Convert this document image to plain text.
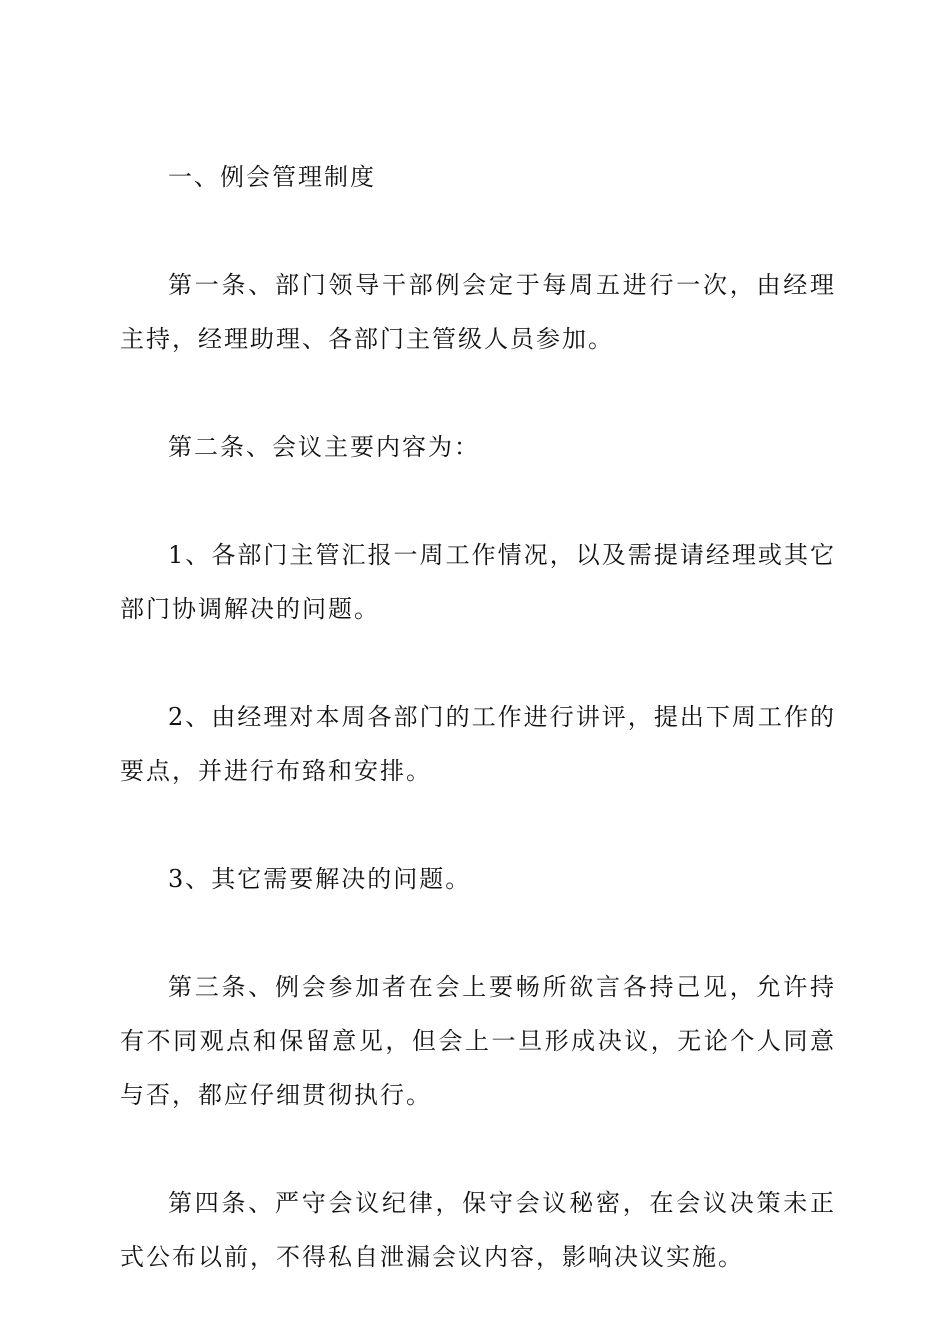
一、例会管理制度

第一条、部门领导干部例会定于每周五进行一次，由经理主持，经理助理、各部门主管级人员参加。

第二条、会议主要内容为：

1、各部门主管汇报一周工作情况，以及需提请经理或其它部门协调解决的问题。

2、由经理对本周各部门的工作进行讲评，提出下周工作的要点，并进行布臵和安排。

3、其它需要解决的问题。

第三条、例会参加者在会上要畅所欲言各持己见，允许持有不同观点和保留意见，但会上一旦形成决议，无论个人同意与否，都应仔细贯彻执行。

第四条、严守会议纪律，保守会议秘密，在会议决策未正式公布以前，不得私自泄漏会议内容，影响决议实施。
